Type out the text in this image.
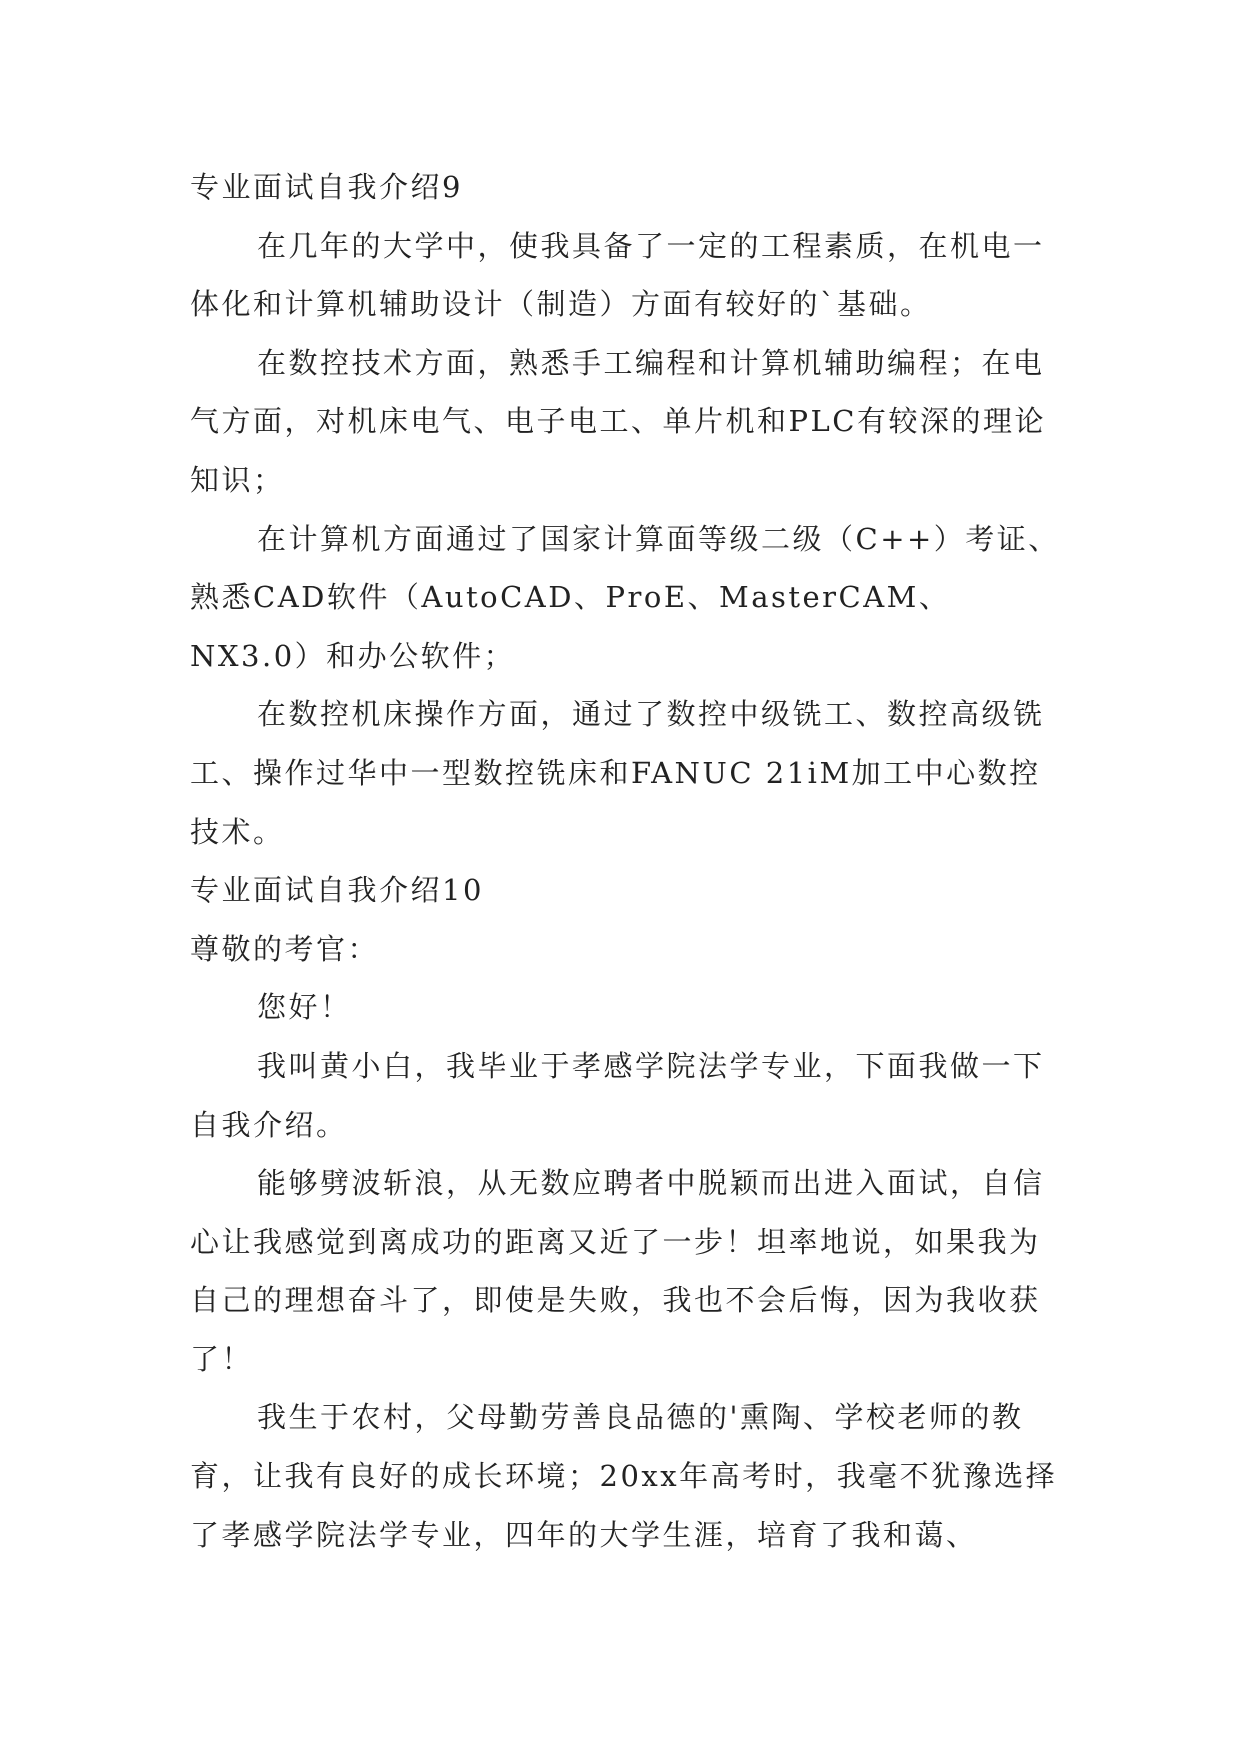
专业面试自我介绍9

在几年的大学中，使我具备了一定的工程素质，在机电一体化和计算机辅助设计（制造）方面有较好的`基础。

在数控技术方面，熟悉手工编程和计算机辅助编程；在电气方面，对机床电气、电子电工、单片机和PLC有较深的理论知识；

在计算机方面通过了国家计算面等级二级（C++）考证、熟悉CAD软件（AutoCAD、ProE、MasterCAM、NX3.0）和办公软件；

在数控机床操作方面，通过了数控中级铣工、数控高级铣工、操作过华中一型数控铣床和FANUC 21iM加工中心数控技术。

专业面试自我介绍10

尊敬的考官：

您好！

我叫黄小白，我毕业于孝感学院法学专业，下面我做一下自我介绍。

能够劈波斩浪，从无数应聘者中脱颖而出进入面试，自信心让我感觉到离成功的距离又近了一步！坦率地说，如果我为自己的理想奋斗了，即使是失败，我也不会后悔，因为我收获了！

我生于农村，父母勤劳善良品德的'熏陶、学校老师的教育，让我有良好的成长环境；20xx年高考时，我毫不犹豫选择了孝感学院法学专业，四年的大学生涯，培育了我和蔼、
